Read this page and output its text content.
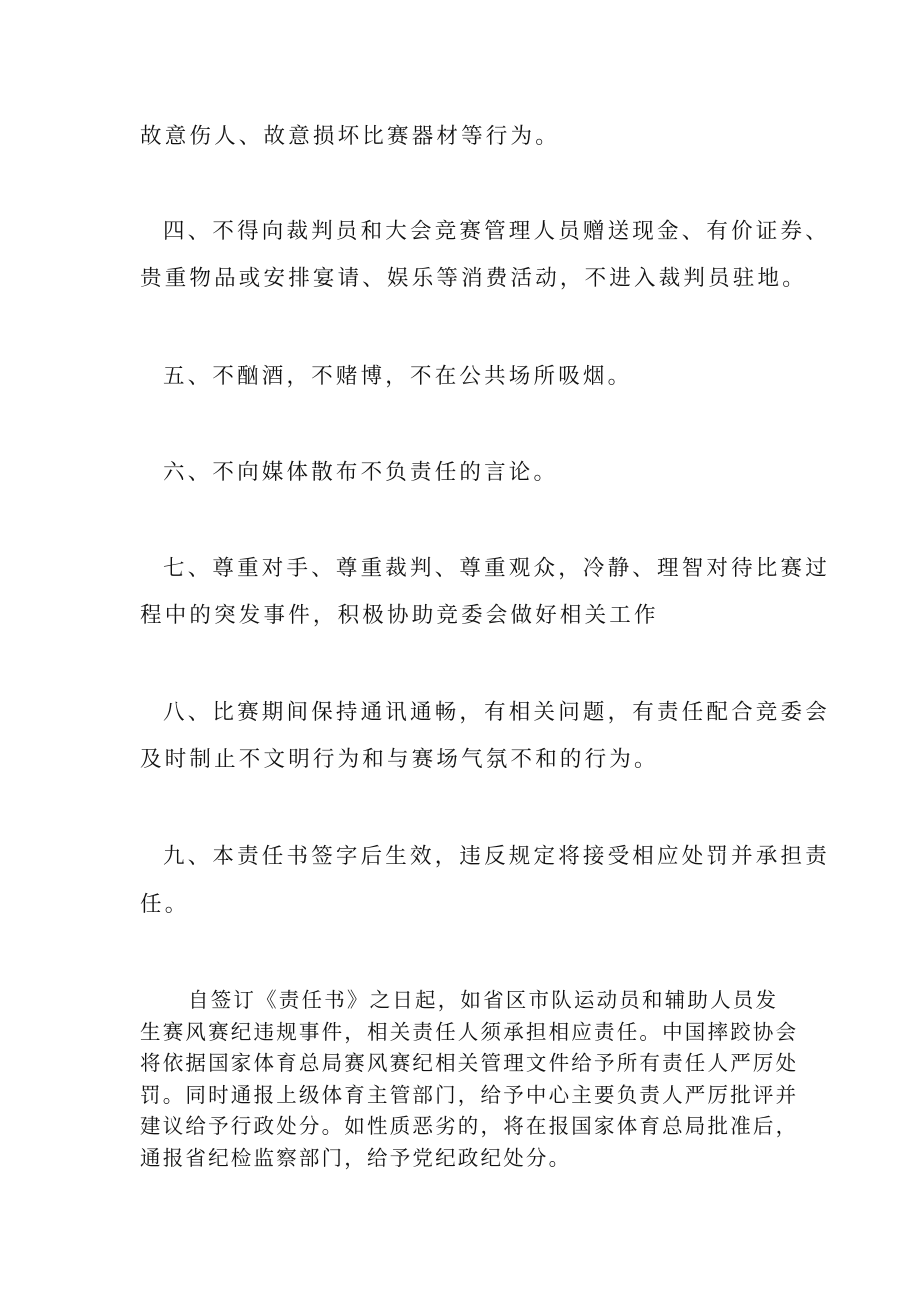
故意伤人、故意损坏比赛器材等行为。
四、不得向裁判员和大会竞赛管理人员赠送现金、有价证券、
贵重物品或安排宴请、娱乐等消费活动，不进入裁判员驻地。
五、不酗酒，不赌博，不在公共场所吸烟。
六、不向媒体散布不负责任的言论。
七、尊重对手、尊重裁判、尊重观众，冷静、理智对待比赛过
程中的突发事件，积极协助竞委会做好相关工作
八、比赛期间保持通讯通畅，有相关问题，有责任配合竞委会
及时制止不文明行为和与赛场气氛不和的行为。
九、本责任书签字后生效，违反规定将接受相应处罚并承担责
任。

自签订《责任书》之日起，如省区市队运动员和辅助人员发生赛风赛纪违规事件，相关责任人须承担相应责任。中国摔跤协会将依据国家体育总局赛风赛纪相关管理文件给予所有责任人严厉处罚。同时通报上级体育主管部门，给予中心主要负责人严厉批评并建议给予行政处分。如性质恶劣的，将在报国家体育总局批准后，通报省纪检监察部门，给予党纪政纪处分。
